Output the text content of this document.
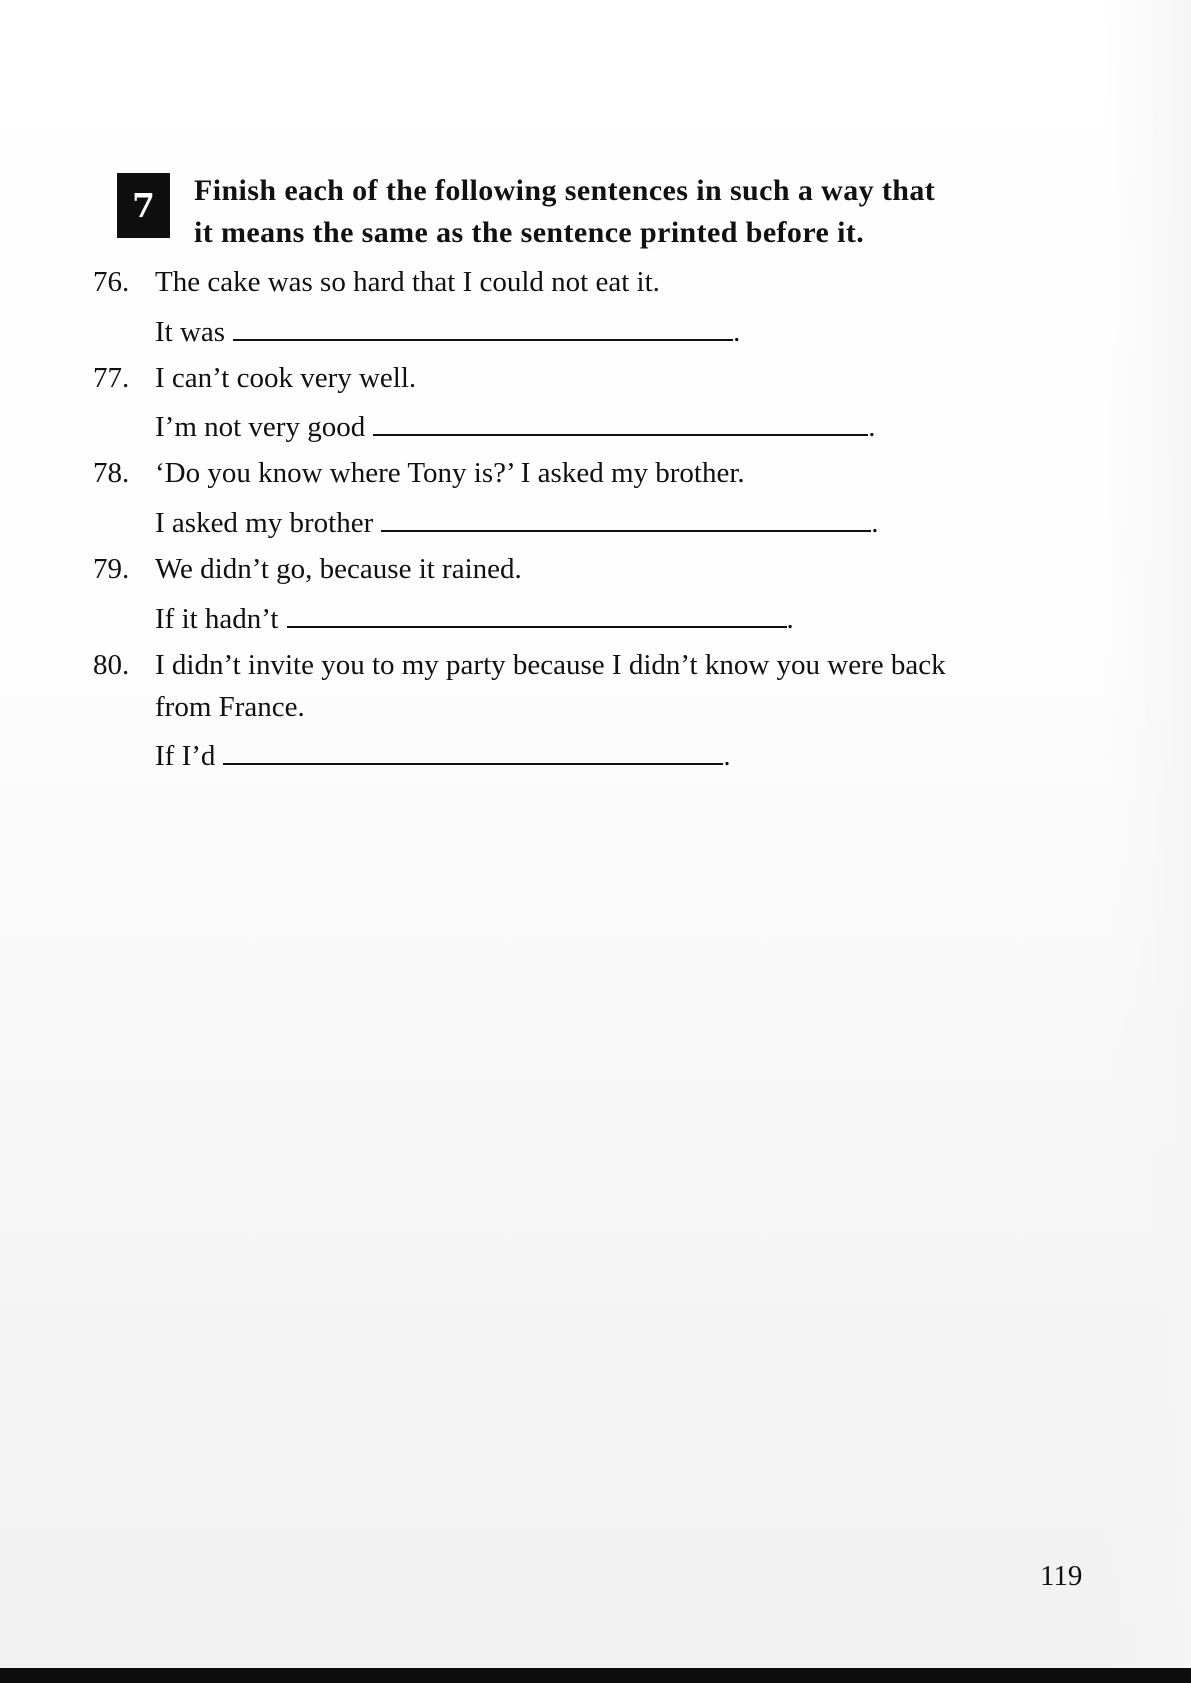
7 Finish each of the following sentences in such a way that
it means the same as the sentence printed before it.
76. The cake was so hard that I could not eat it.
It was	.
77. I can’t cook very well.
I’m not very good	.
78. ‘Do you know where Tony is?’ I asked my brother.
I asked my brother	.
79. We didn’t go, because it rained.
If it hadn’t	.
80. I didn’t invite you to my party because I didn’t know you were back
from France.
If I’d	.
119
